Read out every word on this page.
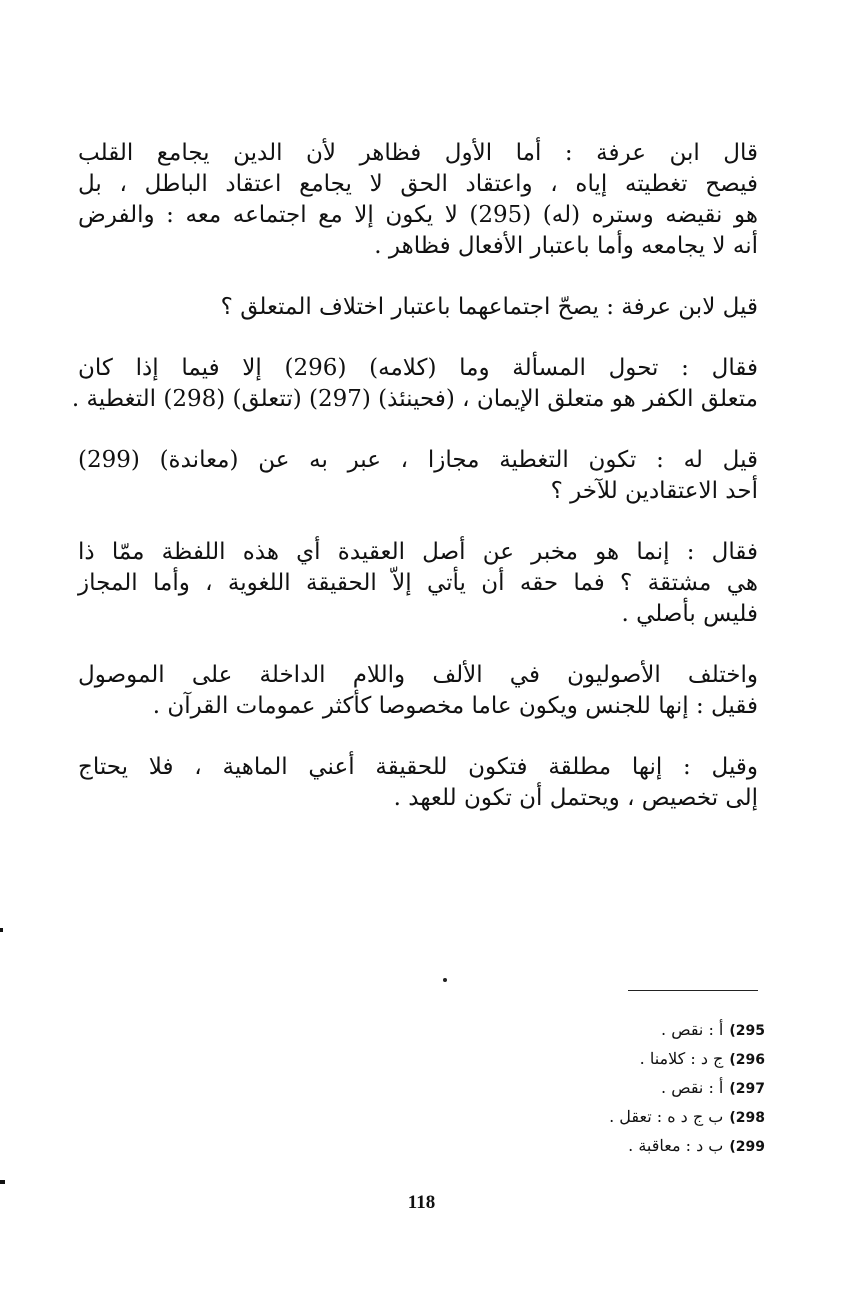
قال ابن عرفة : أما الأول فظاهر لأن الدين يجامع القلب
فيصح تغطيته إياه ، واعتقاد الحق لا يجامع اعتقاد الباطل ، بل
هو نقيضه وستره (له) (295) لا يكون إلا مع اجتماعه معه : والفرض
أنه لا يجامعه وأما باعتبار الأفعال فظاهر .

قيل لابن عرفة : يصحّ اجتماعهما باعتبار اختلاف المتعلق ؟

فقال : تحول المسألة وما (كلامه) (296) إلا فيما إذا كان
متعلق الكفر هو متعلق الإيمان ، (فحينئذ) (297) (تتعلق) (298) التغطية .

قيل له : تكون التغطية مجازا ، عبر به عن (معاندة) (299)
أحد الاعتقادين للآخر ؟

فقال : إنما هو مخبر عن أصل العقيدة أي هذه اللفظة ممّا ذا
هي مشتقة ؟ فما حقه أن يأتي إلاّ الحقيقة اللغوية ، وأما المجاز
فليس بأصلي .

واختلف الأصوليون في الألف واللام الداخلة على الموصول
فقيل : إنها للجنس ويكون عاما مخصوصا كأكثر عمومات القرآن .

وقيل : إنها مطلقة فتكون للحقيقة أعني الماهية ، فلا يحتاج
إلى تخصيص ، ويحتمل أن تكون للعهد .

(295أ : نقص .
(296ج د : كلامنا .
(297أ : نقص .
(298ب ج د ه : تعقل .
(299ب د : معاقبة .
118
